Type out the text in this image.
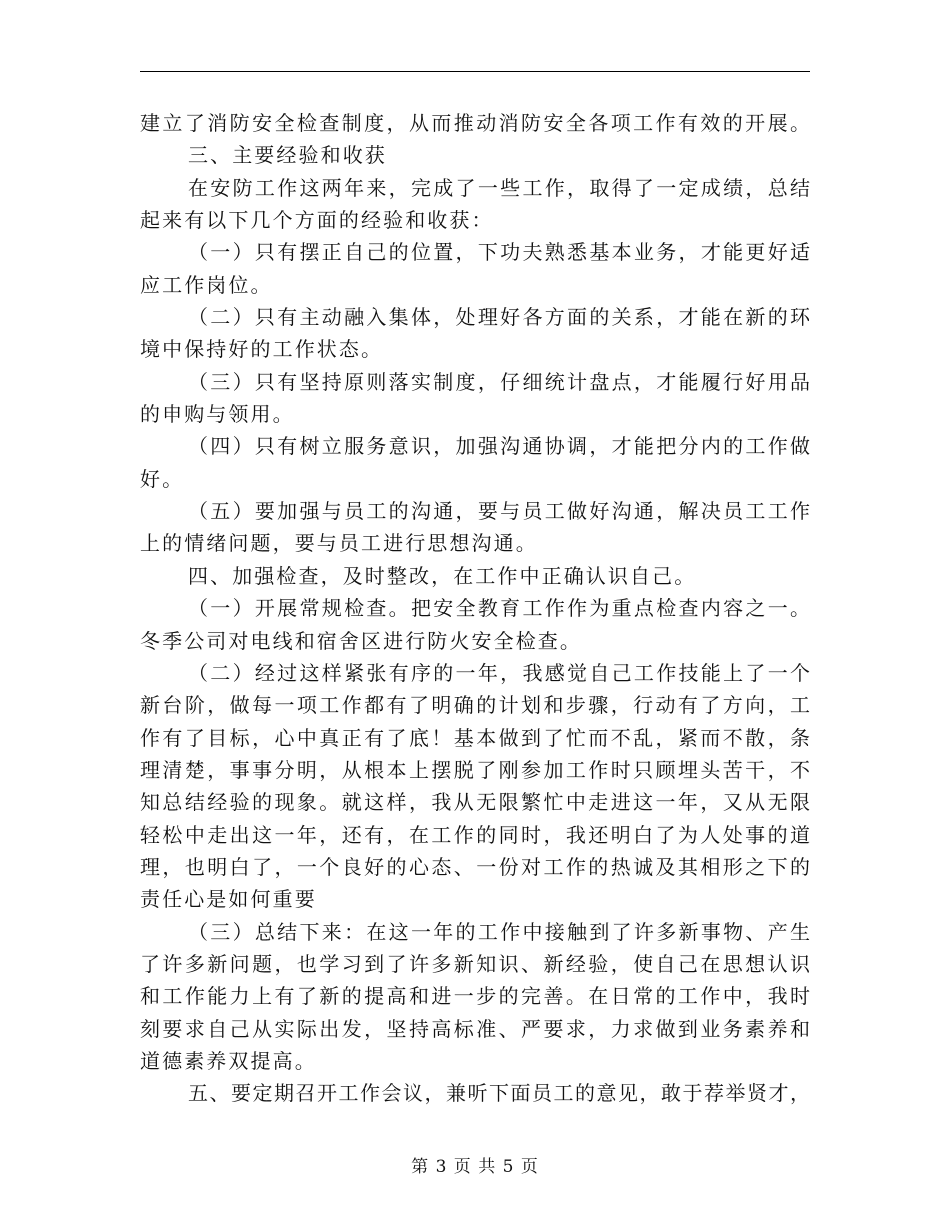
建立了消防安全检查制度，从而推动消防安全各项工作有效的开展。
三、主要经验和收获
在安防工作这两年来，完成了一些工作，取得了一定成绩，总结
起来有以下几个方面的经验和收获：
（一）只有摆正自己的位置，下功夫熟悉基本业务，才能更好适
应工作岗位。
（二）只有主动融入集体，处理好各方面的关系，才能在新的环
境中保持好的工作状态。
（三）只有坚持原则落实制度，仔细统计盘点，才能履行好用品
的申购与领用。
（四）只有树立服务意识，加强沟通协调，才能把分内的工作做
好。
（五）要加强与员工的沟通，要与员工做好沟通，解决员工工作
上的情绪问题，要与员工进行思想沟通。
四、加强检查，及时整改，在工作中正确认识自己。
（一）开展常规检查。把安全教育工作作为重点检查内容之一。
冬季公司对电线和宿舍区进行防火安全检查。
（二）经过这样紧张有序的一年，我感觉自己工作技能上了一个
新台阶，做每一项工作都有了明确的计划和步骤，行动有了方向，工
作有了目标，心中真正有了底！基本做到了忙而不乱，紧而不散，条
理清楚，事事分明，从根本上摆脱了刚参加工作时只顾埋头苦干，不
知总结经验的现象。就这样，我从无限繁忙中走进这一年，又从无限
轻松中走出这一年，还有，在工作的同时，我还明白了为人处事的道
理，也明白了，一个良好的心态、一份对工作的热诚及其相形之下的
责任心是如何重要
（三）总结下来：在这一年的工作中接触到了许多新事物、产生
了许多新问题，也学习到了许多新知识、新经验，使自己在思想认识
和工作能力上有了新的提高和进一步的完善。在日常的工作中，我时
刻要求自己从实际出发，坚持高标准、严要求，力求做到业务素养和
道德素养双提高。
五、要定期召开工作会议，兼听下面员工的意见，敢于荐举贤才，
第 3 页 共 5 页
